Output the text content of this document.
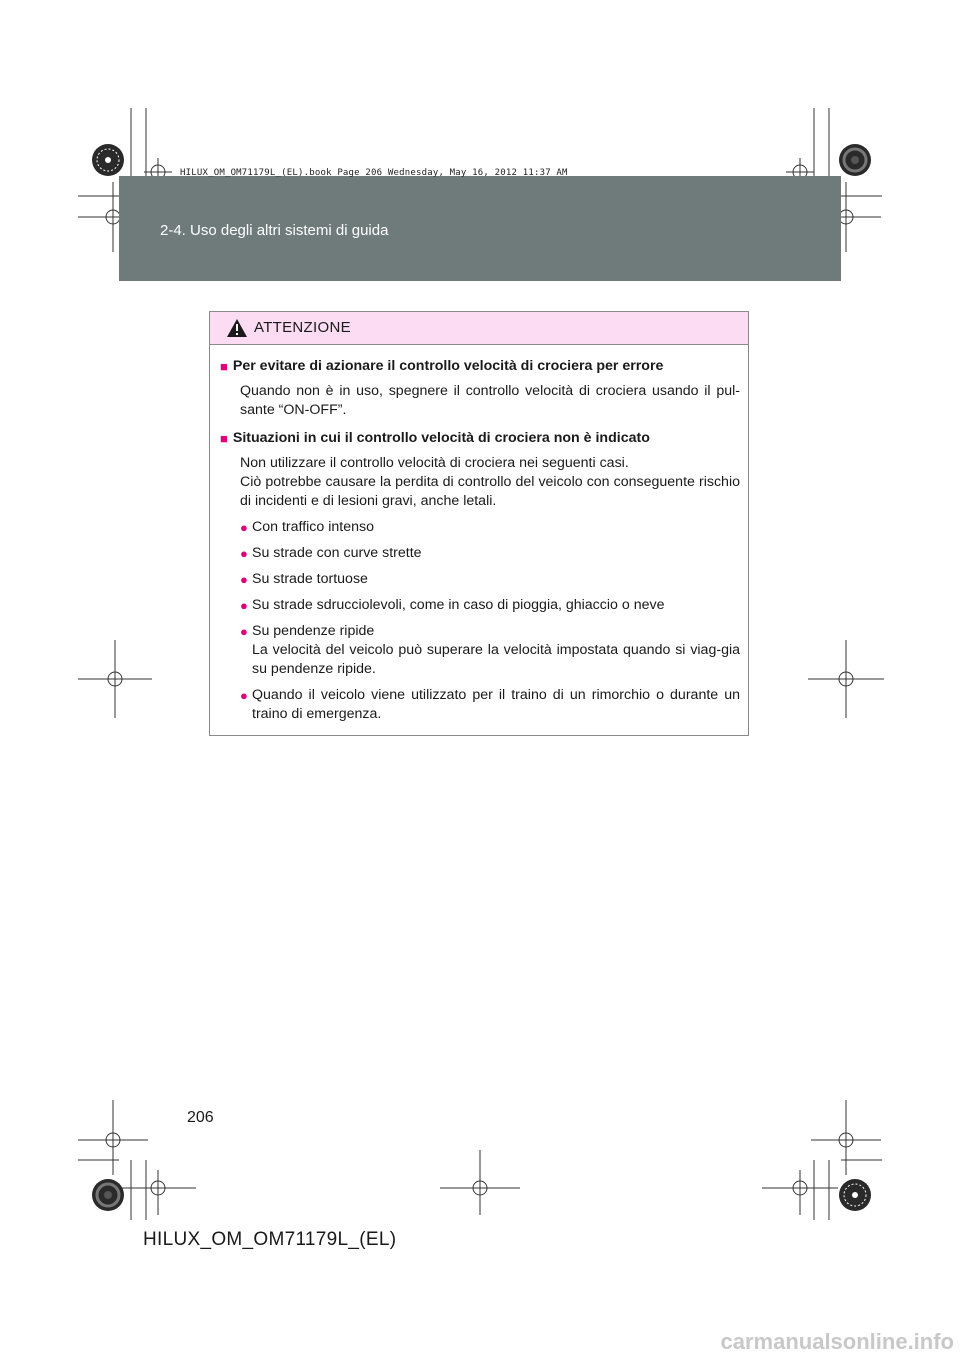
2-4. Uso degli altri sistemi di guida
HILUX_OM_OM71179L_(EL).book Page 206 Wednesday, May 16, 2012 11:37 AM
ATTENZIONE
■ Per evitare di azionare il controllo velocità di crociera per errore
Quando non è in uso, spegnere il controllo velocità di crociera usando il pul-sante “ON-OFF”.
■ Situazioni in cui il controllo velocità di crociera non è indicato
Non utilizzare il controllo velocità di crociera nei seguenti casi.
Ciò potrebbe causare la perdita di controllo del veicolo con conseguente rischio di incidenti e di lesioni gravi, anche letali.
● Con traffico intenso
● Su strade con curve strette
● Su strade tortuose
● Su strade sdrucciolevoli, come in caso di pioggia, ghiaccio o neve
● Su pendenze ripide
La velocità del veicolo può superare la velocità impostata quando si viag-gia su pendenze ripide.
● Quando il veicolo viene utilizzato per il traino di un rimorchio o durante un traino di emergenza.
206
HILUX_OM_OM71179L_(EL)
carmanualsonline.info
